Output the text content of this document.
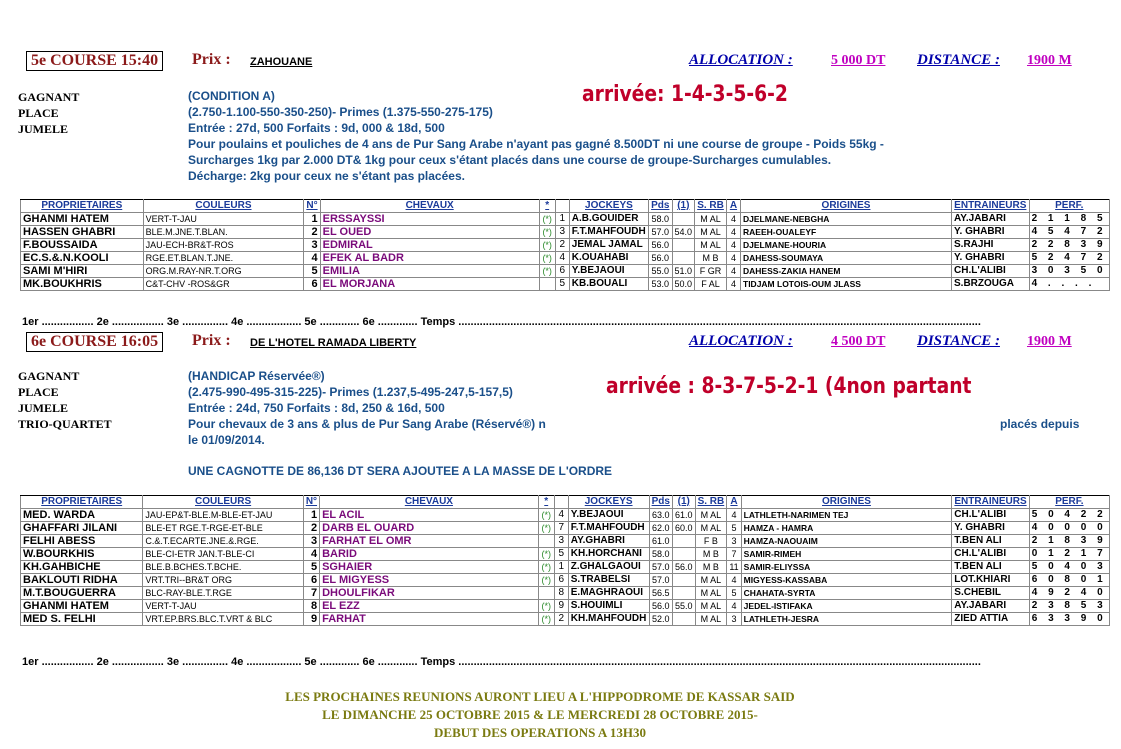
5e COURSE 15:40	Prix : ZAHOUANE	ALLOCATION :	5 000 DT DISTANCE : 1900 M
GAGNANT
PLACE
JUMELE
(CONDITION A)
(2.750-1.100-550-350-250)- Primes (1.375-550-275-175)
Entrée : 27d, 500 Forfaits : 9d, 000 & 18d, 500
Pour poulains et pouliches de 4 ans de Pur Sang Arabe n'ayant pas gagné 8.500DT ni une course de groupe - Poids 55kg -
Surcharges 1kg par 2.000 DT& 1kg pour ceux s'étant placés dans une course de groupe-Surcharges cumulables.
Décharge: 2kg pour ceux ne s'étant pas placées.
arrivée: 1-4-3-5-6-2
PROPRIETAIRES	COULEURS	N°	CHEVAUX	*		JOCKEYS	Pds	(1)	S. RB	A	ORIGINES	ENTRAINEURS	PERF.
GHANMI HATEM	VERT-T-JAU	1	ERSSAYSSI	(*)	1	A.B.GOUIDER	58.0		M AL	4	DJELMANE-NEBGHA	AY.JABARI	2 1 1 8 5
HASSEN GHABRI	BLE.M.JNE.T.BLAN.	2	EL OUED	(*)	3	F.T.MAHFOUDH	57.0	54.0	M AL	4	RAEEH-OUALEYF	Y. GHABRI	4 5 4 7 2
F.BOUSSAIDA	JAU-ECH-BR&T-ROS	3	EDMIRAL	(*)	2	JEMAL JAMAL	56.0		M AL	4	DJELMANE-HOURIA	S.RAJHI	2 2 8 3 9
EC.S.&.N.KOOLI	RGE.ET.BLAN.T.JNE.	4	EFEK AL BADR	(*)	4	K.OUAHABI	56.0		M B	4	DAHESS-SOUMAYA	Y. GHABRI	5 2 4 7 2
SAMI M'HIRI	ORG.M.RAY-NR.T.ORG	5	EMILIA	(*)	6	Y.BEJAOUI	55.0	51.0	F GR	4	DAHESS-ZAKIA HANEM	CH.L'ALIBI	3 0 3 5 0
MK.BOUKHRIS	C&T-CHV -ROS&GR	6	EL MORJANA		5	KB.BOUALI	53.0	50.0	F AL	4	TIDJAM LOTOIS-OUM JLASS	S.BRZOUGA	4 . . . .
1er ................. 2e ................. 3e ............... 4e .................. 5e ............. 6e ............. Temps ...........................................................................................................................................................................
6e COURSE 16:05	Prix : DE L'HOTEL RAMADA LIBERTY	ALLOCATION :	4 500 DT DISTANCE : 1900 M
GAGNANT
PLACE
JUMELE
TRIO-QUARTET
(HANDICAP Réservée®)
(2.475-990-495-315-225)- Primes (1.237,5-495-247,5-157,5)
Entrée : 24d, 750 Forfaits : 8d, 250 & 16d, 500
Pour chevaux de 3 ans & plus de Pur Sang Arabe (Réservé®) n
le 01/09/2014.
placés depuis
arrivée : 8-3-7-5-2-1 (4non partant
UNE CAGNOTTE DE 86,136 DT SERA AJOUTEE A LA MASSE DE L'ORDRE
PROPRIETAIRES	COULEURS	N°	CHEVAUX	*		JOCKEYS	Pds	(1)	S. RB	A	ORIGINES	ENTRAINEURS	PERF.
MED. WARDA	JAU-EP&T-BLE.M-BLE-ET-JAU	1	EL ACIL	(*)	4	Y.BEJAOUI	63.0	61.0	M AL	4	LATHLETH-NARIMEN TEJ	CH.L'ALIBI	5 0 4 2 2
GHAFFARI JILANI	BLE-ET RGE.T-RGE-ET-BLE	2	DARB EL OUARD	(*)	7	F.T.MAHFOUDH	62.0	60.0	M AL	5	HAMZA - HAMRA	Y. GHABRI	4 0 0 0 0
FELHI ABESS	C.&.T.ECARTE.JNE.&.RGE.	3	FARHAT EL OMR		3	AY.GHABRI	61.0		F B	3	HAMZA-NAOUAIM	T.BEN ALI	2 1 8 3 9
W.BOURKHIS	BLE-CI-ETR JAN.T-BLE-CI	4	BARID	(*)	5	KH.HORCHANI	58.0		M B	7	SAMIR-RIMEH	CH.L'ALIBI	0 1 2 1 7
KH.GAHBICHE	BLE.B.BCHES.T.BCHE.	5	SGHAIER	(*)	1	Z.GHALGAOUI	57.0	56.0	M B	11	SAMIR-ELIYSSA	T.BEN ALI	5 0 4 0 3
BAKLOUTI RIDHA	VRT.TRI--BR&T ORG	6	EL MIGYESS	(*)	6	S.TRABELSI	57.0		M AL	4	MIGYESS-KASSABA	LOT.KHIARI	6 0 8 0 1
M.T.BOUGUERRA	BLC-RAY-BLE.T.RGE	7	DHOULFIKAR		8	E.MAGHRAOUI	56.5		M AL	5	CHAHATA-SYRTA	S.CHEBIL	4 9 2 4 0
GHANMI HATEM	VERT-T-JAU	8	EL EZZ	(*)	9	S.HOUIMLI	56.0	55.0	M AL	4	JEDEL-ISTIFAKA	AY.JABARI	2 3 8 5 3
MED S. FELHI	VRT.EP.BRS.BLC.T.VRT & BLC	9	FARHAT	(*)	2	KH.MAHFOUDH	52.0		M AL	3	LATHLETH-JESRA	ZIED ATTIA	6 3 3 9 0
1er ................. 2e ................. 3e ............... 4e .................. 5e ............. 6e ............. Temps ...........................................................................................................................................................................
LES PROCHAINES REUNIONS AURONT LIEU A L'HIPPODROME DE KASSAR SAID
LE DIMANCHE 25 OCTOBRE 2015 & LE MERCREDI 28 OCTOBRE 2015-
DEBUT DES OPERATIONS A 13H30
